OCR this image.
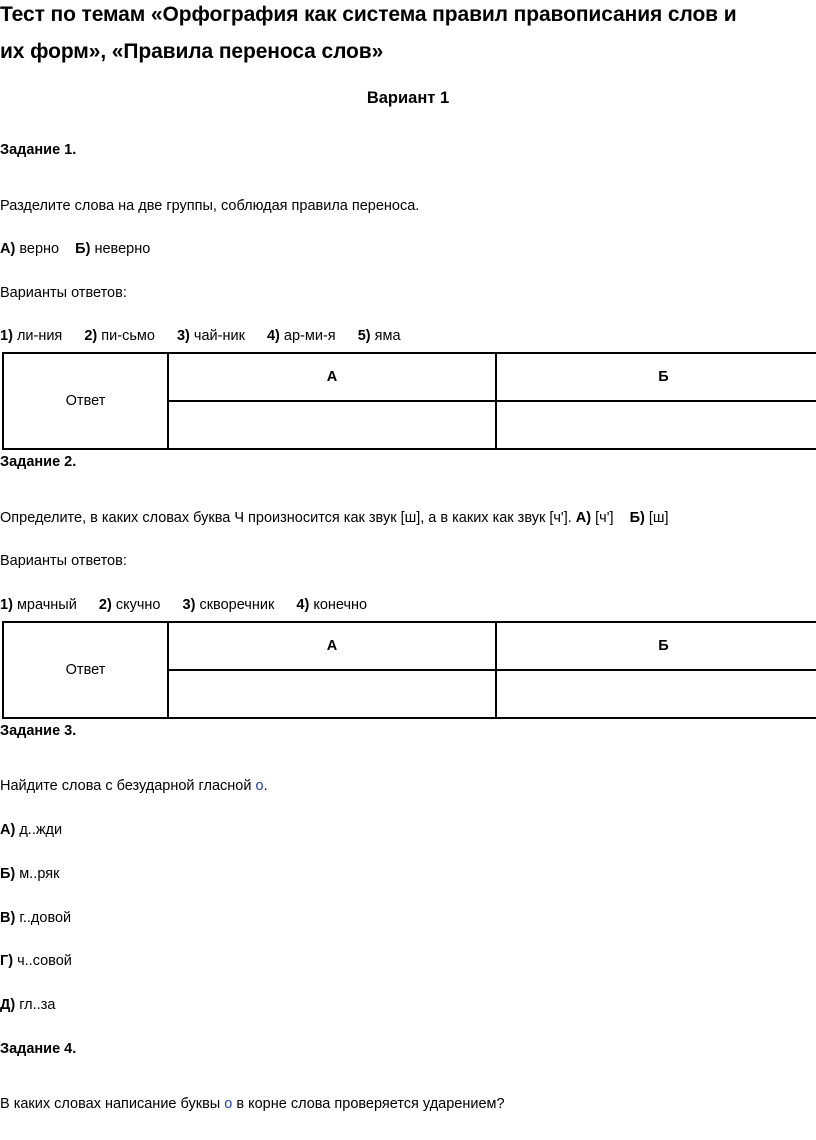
Тест по темам «Орфография как система правил правописания слов и
их форм», «Правила переноса слов»
Вариант 1
Задание 1.
Разделите слова на две группы, соблюдая правила переноса.
А) верно Б) неверно
Варианты ответов:
1) ли-ния 2) пи-сьмо 3) чай-ник 4) ар-ми-я 5) яма
Ответ	А	Б

Задание 2.
Определите, в каких словах буква Ч произносится как звук [ш], а в каких как звук [ч']. А) [ч'] Б) [ш]
Варианты ответов:
1) мрачный 2) скучно 3) скворечник 4) конечно
Ответ	А	Б

Задание 3.
Найдите слова с безударной гласной о.
А) д..жди
Б) м..ряк
В) г..довой
Г) ч..совой
Д) гл..за
Задание 4.
В каких словах написание буквы о в корне слова проверяется ударением?
